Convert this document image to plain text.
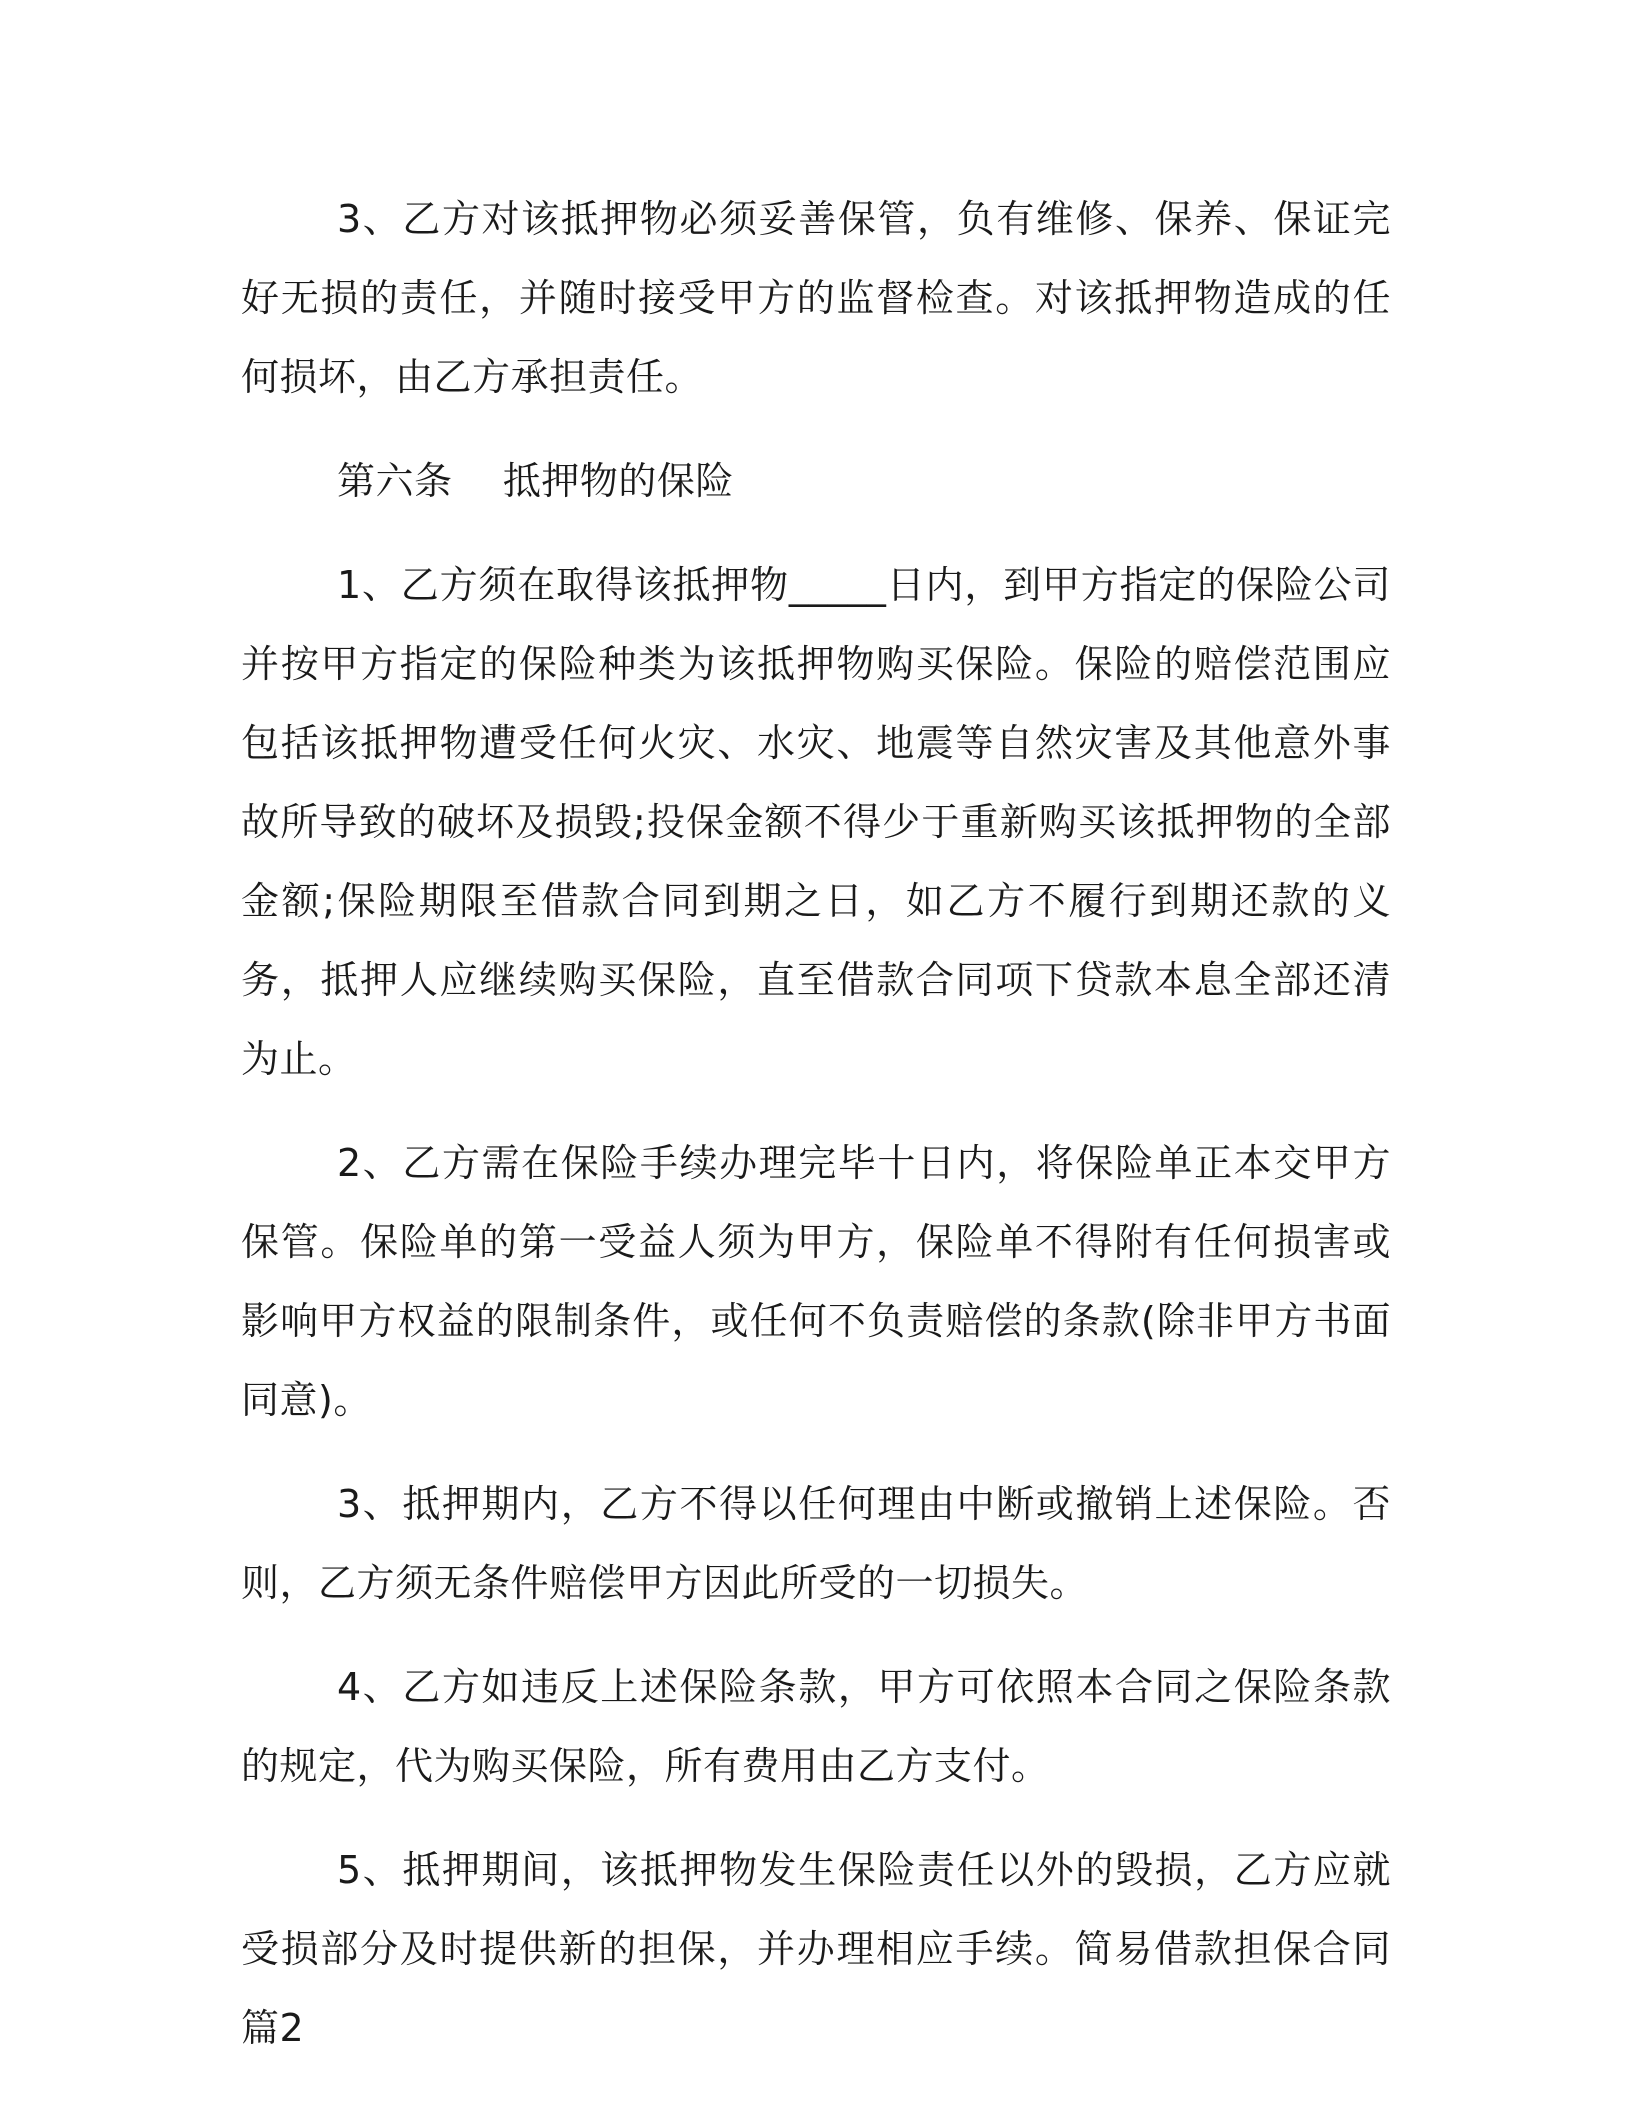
3、乙方对该抵押物必须妥善保管，负有维修、保养、保证完好无损的责任，并随时接受甲方的监督检查。对该抵押物造成的任何损坏，由乙方承担责任。

第六条    抵押物的保险

1、乙方须在取得该抵押物_____日内，到甲方指定的保险公司并按甲方指定的保险种类为该抵押物购买保险。保险的赔偿范围应包括该抵押物遭受任何火灾、水灾、地震等自然灾害及其他意外事故所导致的破坏及损毁;投保金额不得少于重新购买该抵押物的全部金额;保险期限至借款合同到期之日，如乙方不履行到期还款的义务，抵押人应继续购买保险，直至借款合同项下贷款本息全部还清为止。

2、乙方需在保险手续办理完毕十日内，将保险单正本交甲方保管。保险单的第一受益人须为甲方，保险单不得附有任何损害或影响甲方权益的限制条件，或任何不负责赔偿的条款(除非甲方书面同意)。

3、抵押期内，乙方不得以任何理由中断或撤销上述保险。否则，乙方须无条件赔偿甲方因此所受的一切损失。

4、乙方如违反上述保险条款，甲方可依照本合同之保险条款的规定，代为购买保险，所有费用由乙方支付。

5、抵押期间，该抵押物发生保险责任以外的毁损，乙方应就受损部分及时提供新的担保，并办理相应手续。简易借款担保合同 篇2
